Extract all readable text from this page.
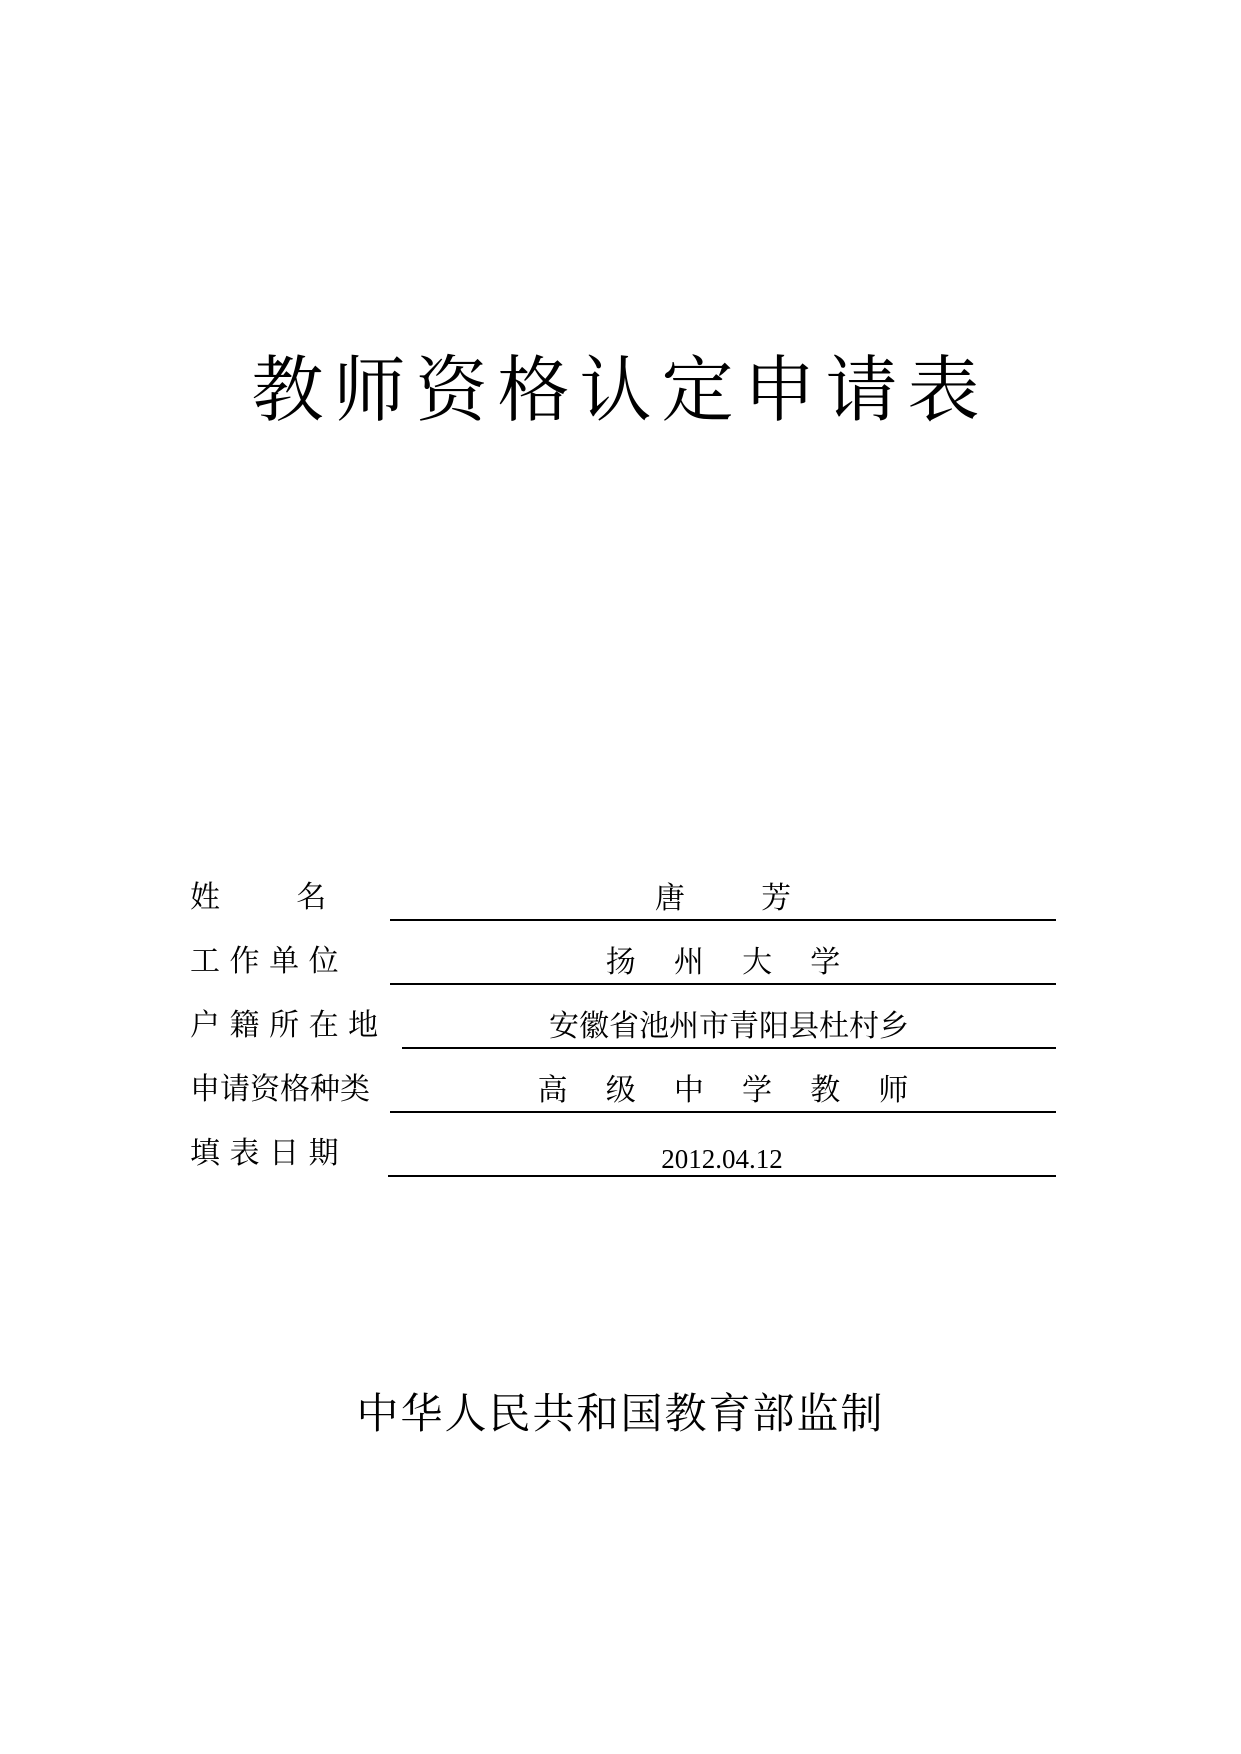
教师资格认定申请表
姓        名	唐        芳
工 作 单 位	扬    州    大    学
户 籍 所 在 地	安徽省池州市青阳县杜村乡
申请资格种类	高    级    中    学    教    师
填 表 日 期	2012.04.12
中华人民共和国教育部监制
